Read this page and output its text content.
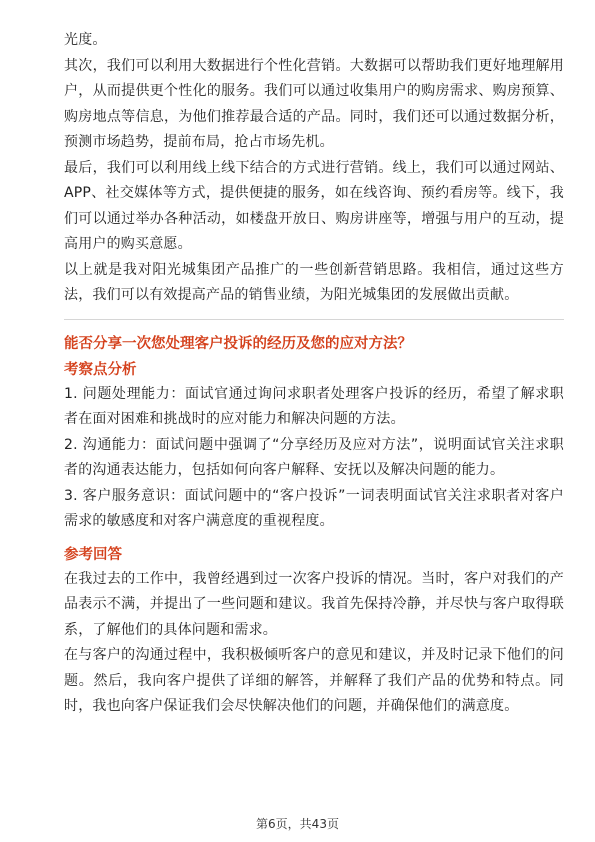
光度。

其次，我们可以利用大数据进行个性化营销。大数据可以帮助我们更好地理解用户，从而提供更个性化的服务。我们可以通过收集用户的购房需求、购房预算、购房地点等信息，为他们推荐最合适的产品。同时，我们还可以通过数据分析，预测市场趋势，提前布局，抢占市场先机。

最后，我们可以利用线上线下结合的方式进行营销。线上，我们可以通过网站、APP、社交媒体等方式，提供便捷的服务，如在线咨询、预约看房等。线下，我们可以通过举办各种活动，如楼盘开放日、购房讲座等，增强与用户的互动，提高用户的购买意愿。

以上就是我对阳光城集团产品推广的一些创新营销思路。我相信，通过这些方法，我们可以有效提高产品的销售业绩，为阳光城集团的发展做出贡献。

能否分享一次您处理客户投诉的经历及您的应对方法？

考察点分析

1. 问题处理能力：面试官通过询问求职者处理客户投诉的经历，希望了解求职者在面对困难和挑战时的应对能力和解决问题的方法。

2. 沟通能力：面试问题中强调了“分享经历及应对方法”，说明面试官关注求职者的沟通表达能力，包括如何向客户解释、安抚以及解决问题的能力。

3. 客户服务意识：面试问题中的“客户投诉”一词表明面试官关注求职者对客户需求的敏感度和对客户满意度的重视程度。

参考回答

在我过去的工作中，我曾经遇到过一次客户投诉的情况。当时，客户对我们的产品表示不满，并提出了一些问题和建议。我首先保持冷静，并尽快与客户取得联系，了解他们的具体问题和需求。

在与客户的沟通过程中，我积极倾听客户的意见和建议，并及时记录下他们的问题。然后，我向客户提供了详细的解答，并解释了我们产品的优势和特点。同时，我也向客户保证我们会尽快解决他们的问题，并确保他们的满意度。

第6页，共43页
